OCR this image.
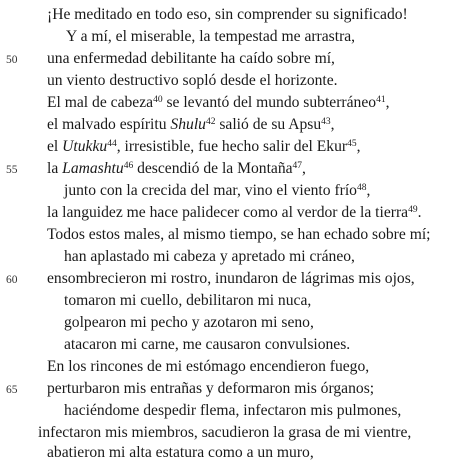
¡He meditado en todo eso, sin comprender su significado!
Y a mí, el miserable, la tempestad me arrastra,
50 una enfermedad debilitante ha caído sobre mí,
un viento destructivo sopló desde el horizonte.
El mal de cabeza$^{40}$ se levantó del mundo subterráneo$^{41}$,
el malvado espíritu Shulu$^{42}$ salió de su Apsu$^{43}$,
el Utukku$^{44}$, irresistible, fue hecho salir del Ekur$^{45}$,
55 la Lamashtu$^{46}$ descendió de la Montaña$^{47}$,
junto con la crecida del mar, vino el viento frío$^{48}$,
la languidez me hace palidecer como al verdor de la tierra$^{49}$.
Todos estos males, al mismo tiempo, se han echado sobre mí;
han aplastado mi cabeza y apretado mi cráneo,
60 ensombrecieron mi rostro, inundaron de lágrimas mis ojos,
tomaron mi cuello, debilitaron mi nuca,
golpearon mi pecho y azotaron mi seno,
atacaron mi carne, me causaron convulsiones.
En los rincones de mi estómago encendieron fuego,
65 perturbaron mis entrañas y deformaron mis órganos;
haciéndome despedir flema, infectaron mis pulmones,
infectaron mis miembros, sacudieron la grasa de mi vientre,
abatieron mi alta estatura como a un muro,
